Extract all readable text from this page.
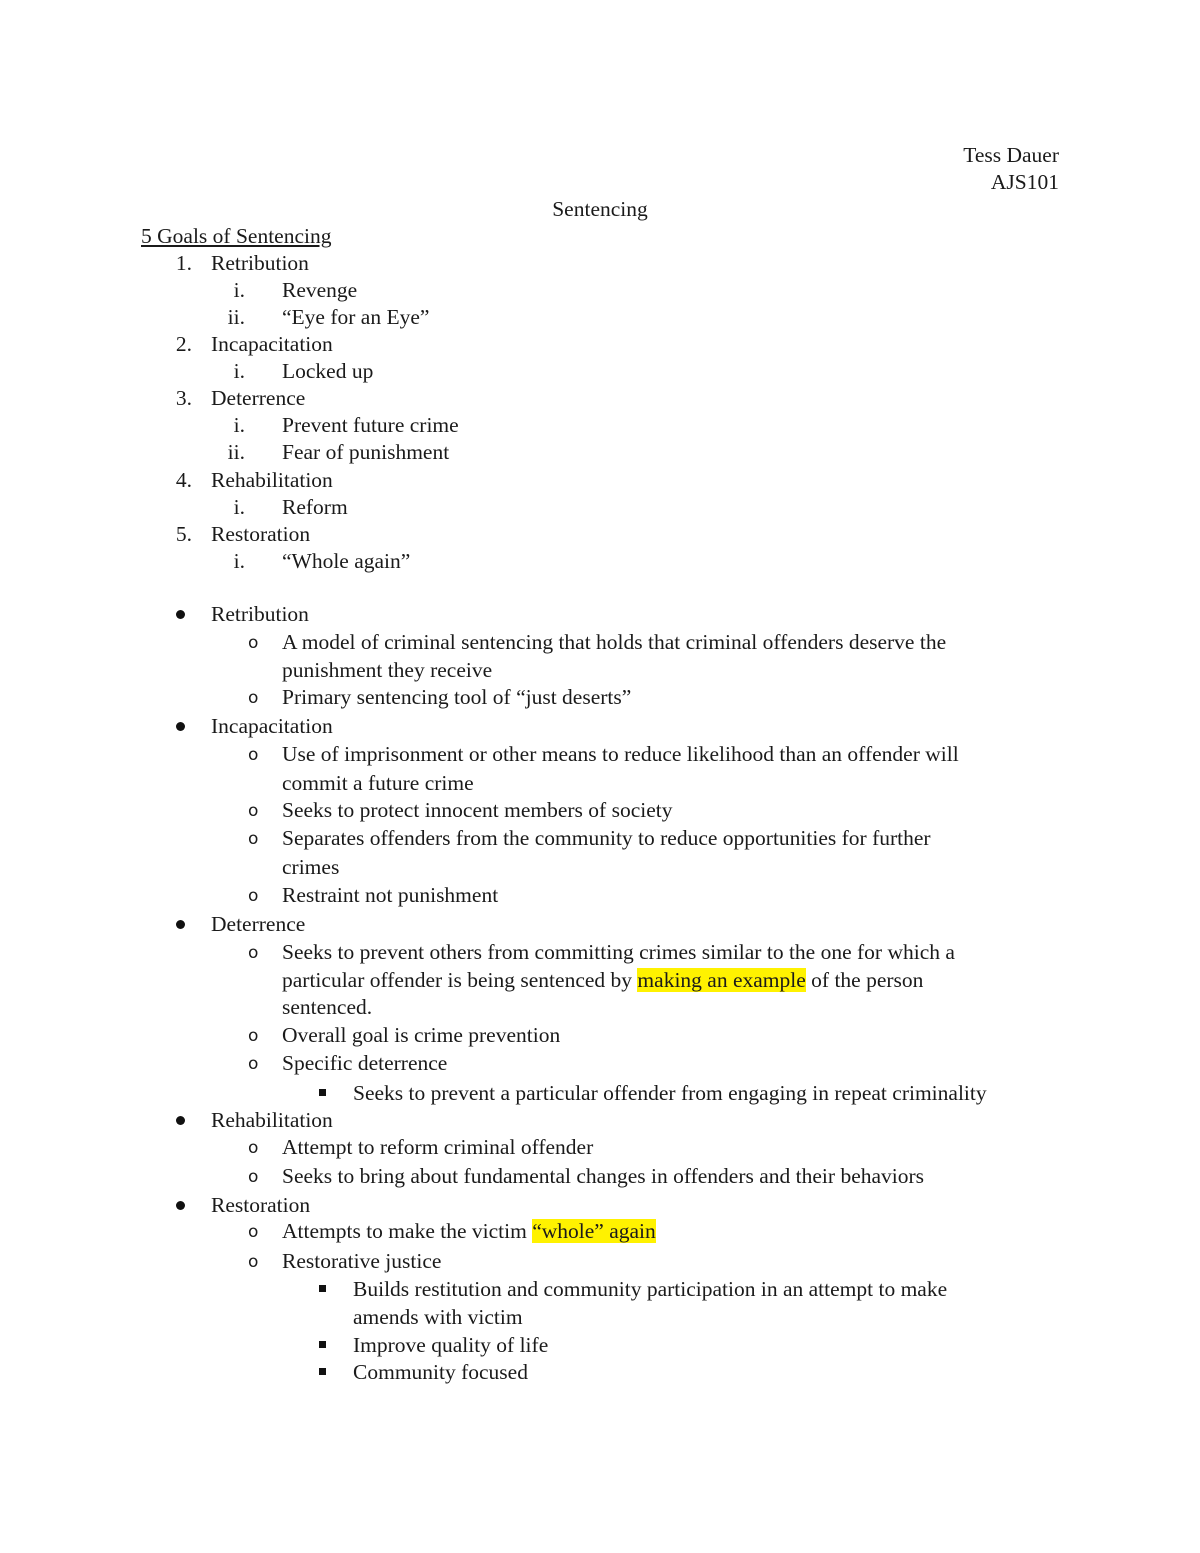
Tess Dauer
AJS101
Sentencing
5 Goals of Sentencing
1. Retribution
i. Revenge
ii. “Eye for an Eye”
2. Incapacitation
i. Locked up
3. Deterrence
i. Prevent future crime
ii. Fear of punishment
4. Rehabilitation
i. Reform
5. Restoration
i. “Whole again”
Retribution
o A model of criminal sentencing that holds that criminal offenders deserve the
punishment they receive
o Primary sentencing tool of “just deserts”
Incapacitation
o Use of imprisonment or other means to reduce likelihood than an offender will
commit a future crime
o Seeks to protect innocent members of society
o Separates offenders from the community to reduce opportunities for further
crimes
o Restraint not punishment
Deterrence
o Seeks to prevent others from committing crimes similar to the one for which a
particular offender is being sentenced by making an example of the person
sentenced.
o Overall goal is crime prevention
o Specific deterrence
Seeks to prevent a particular offender from engaging in repeat criminality
Rehabilitation
o Attempt to reform criminal offender
o Seeks to bring about fundamental changes in offenders and their behaviors
Restoration
o Attempts to make the victim “whole” again
o Restorative justice
Builds restitution and community participation in an attempt to make
amends with victim
Improve quality of life
Community focused
